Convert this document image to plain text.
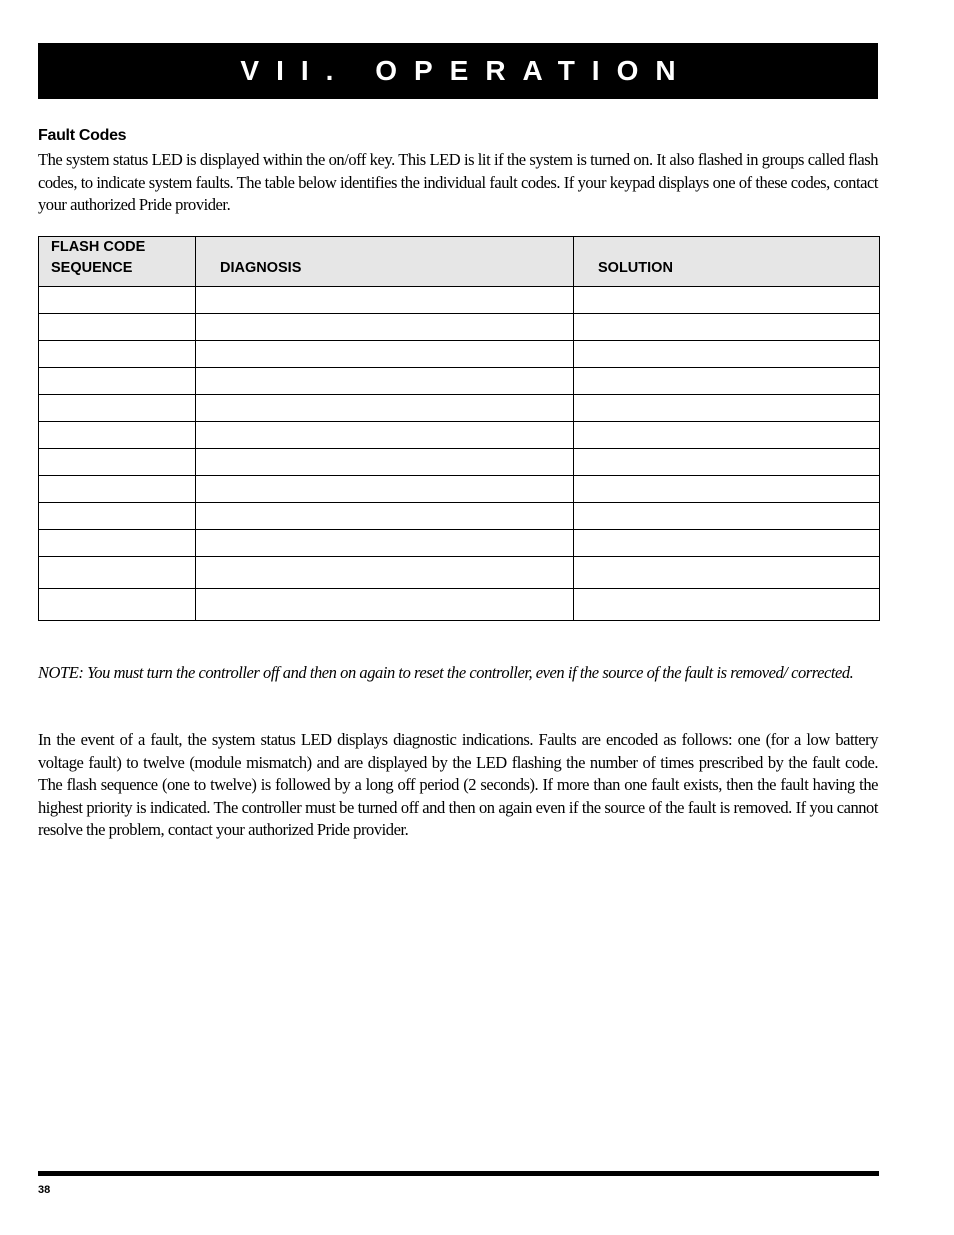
VII. OPERATION
Fault Codes
The system status LED is displayed within the on/off key. This LED is lit if the system is turned on. It also flashed in groups called flash codes, to indicate system faults. The table below identifies the individual fault codes. If your keypad displays one of these codes, contact your authorized Pride provider.
FLASH CODE
SEQUENCE	DIAGNOSIS	SOLUTION

NOTE: You must turn the controller off and then on again to reset the controller, even if the source of the fault is removed/ corrected.
In the event of a fault, the system status LED displays diagnostic indications. Faults are encoded as follows: one (for a low battery voltage fault) to twelve (module mismatch) and are displayed by the LED flashing the number of times prescribed by the fault code. The flash sequence (one to twelve) is followed by a long off period (2 seconds). If more than one fault exists, then the fault having the highest priority is indicated. The controller must be turned off and then on again even if the source of the fault is removed. If you cannot resolve the problem, contact your authorized Pride provider.
38
